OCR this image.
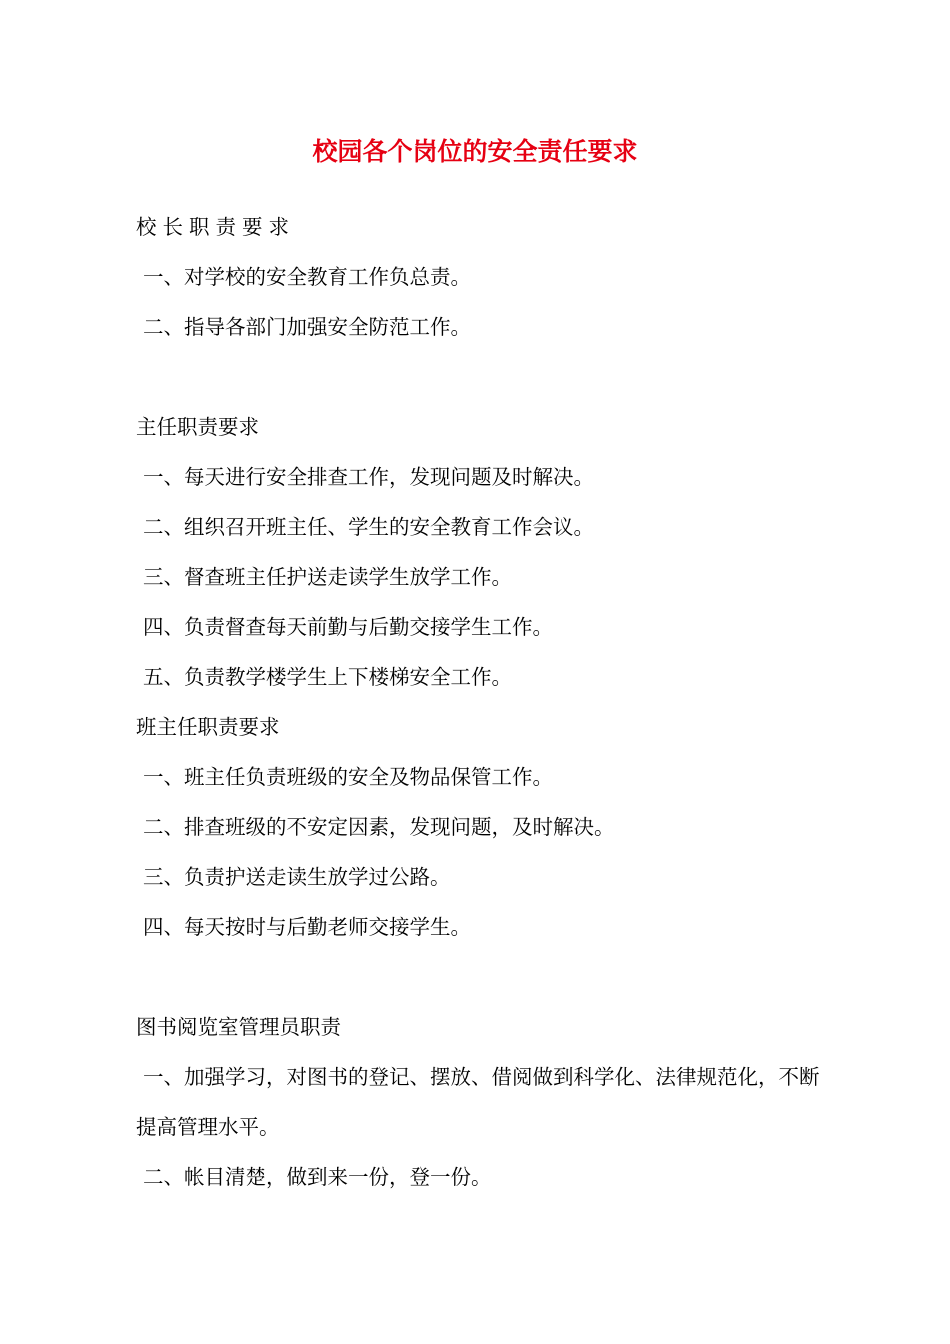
校园各个岗位的安全责任要求
校长职责要求
一、对学校的安全教育工作负总责。
二、指导各部门加强安全防范工作。
主任职责要求
一、每天进行安全排查工作，发现问题及时解决。
二、组织召开班主任、学生的安全教育工作会议。
三、督查班主任护送走读学生放学工作。
四、负责督查每天前勤与后勤交接学生工作。
五、负责教学楼学生上下楼梯安全工作。
班主任职责要求
一、班主任负责班级的安全及物品保管工作。
二、排查班级的不安定因素，发现问题，及时解决。
三、负责护送走读生放学过公路。
四、每天按时与后勤老师交接学生。
图书阅览室管理员职责
一、加强学习，对图书的登记、摆放、借阅做到科学化、法律规范化，不断提高管理水平。
二、帐目清楚，做到来一份，登一份。
